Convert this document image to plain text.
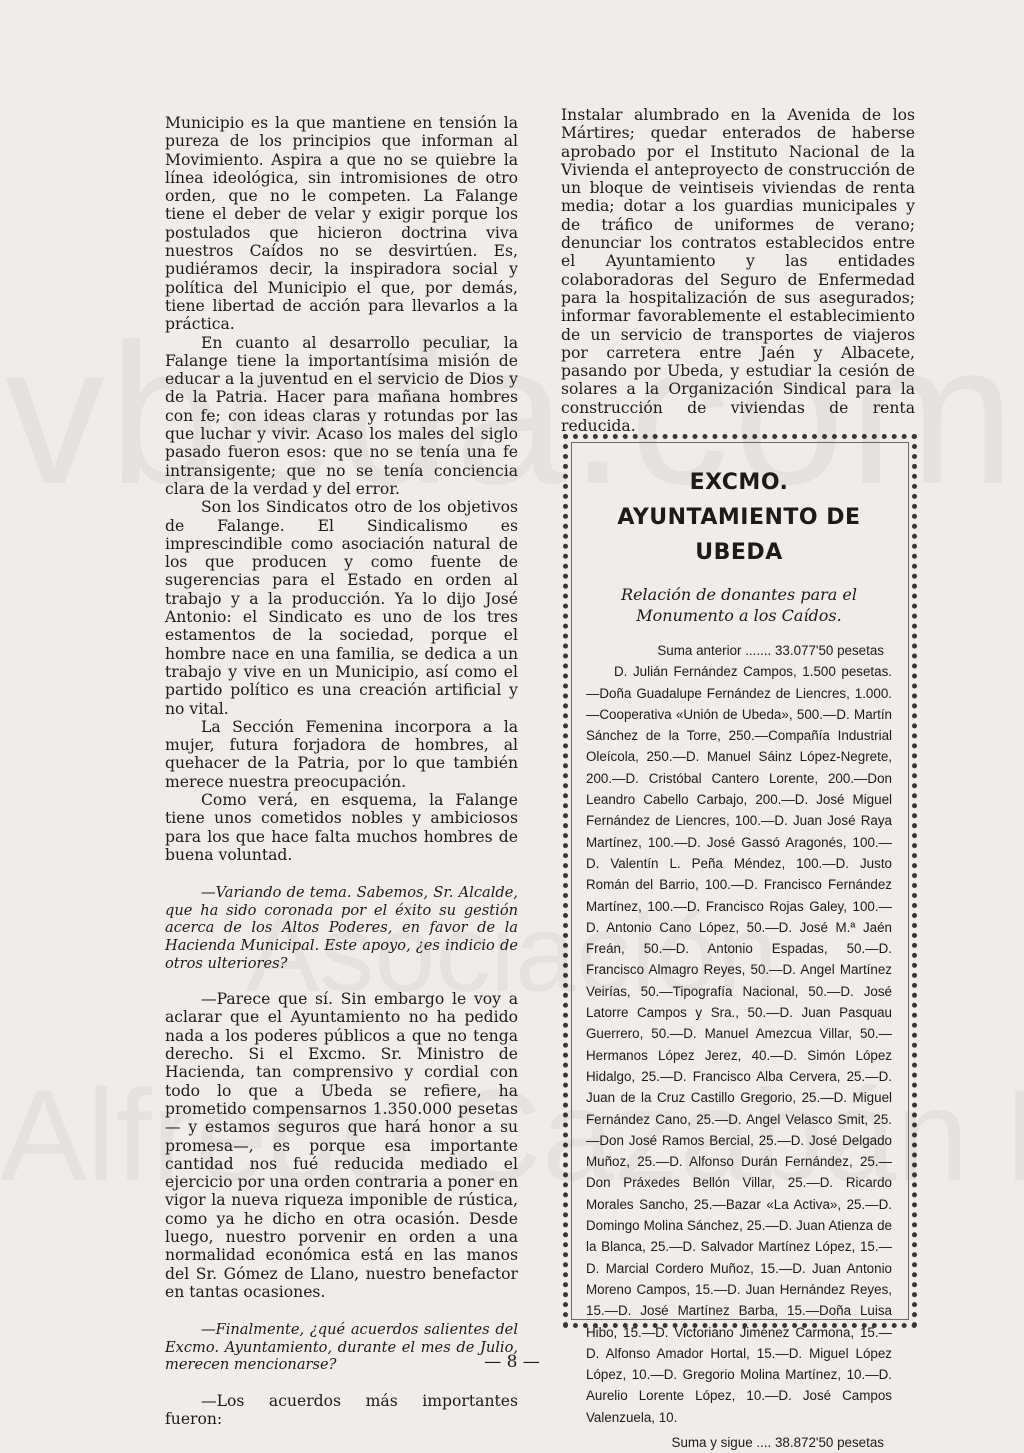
Municipio es la que mantiene en tensión la pureza de los principios que informan al Movimiento. Aspira a que no se quiebre la línea ideológica, sin intromisiones de otro orden, que no le competen. La Falange tiene el deber de velar y exigir porque los postulados que hicieron doctrina viva nuestros Caídos no se desvirtúen. Es, pudiéramos decir, la inspiradora social y política del Municipio el que, por demás, tiene libertad de acción para llevarlos a la práctica.

En cuanto al desarrollo peculiar, la Falange tiene la importantísima misión de educar a la juventud en el servicio de Dios y de la Patria. Hacer para mañana hombres con fe; con ideas claras y rotundas por las que luchar y vivir. Acaso los males del siglo pasado fueron esos: que no se tenía una fe intransigente; que no se tenía conciencia clara de la verdad y del error.

Son los Sindicatos otro de los objetivos de Falange. El Sindicalismo es imprescindible como asociación natural de los que producen y como fuente de sugerencias para el Estado en orden al trabajo y a la producción. Ya lo dijo José Antonio: el Sindicato es uno de los tres estamentos de la sociedad, porque el hombre nace en una familia, se dedica a un trabajo y vive en un Municipio, así como el partido político es una creación artificial y no vital.

La Sección Femenina incorpora a la mujer, futura forjadora de hombres, al quehacer de la Patria, por lo que también merece nuestra preocupación.

Como verá, en esquema, la Falange tiene unos cometidos nobles y ambiciosos para los que hace falta muchos hombres de buena voluntad.

—Variando de tema. Sabemos, Sr. Alcalde, que ha sido coronada por el éxito su gestión acerca de los Altos Poderes, en favor de la Hacienda Municipal. Este apoyo, ¿es indicio de otros ulteriores?

—Parece que sí. Sin embargo le voy a aclarar que el Ayuntamiento no ha pedido nada a los poderes públicos a que no tenga derecho. Si el Excmo. Sr. Ministro de Hacienda, tan comprensivo y cordial con todo lo que a Ubeda se refiere, ha prometido compensarnos 1.350.000 pesetas — y estamos seguros que hará honor a su promesa—, es porque esa importante cantidad nos fué reducida mediado el ejercicio por una orden contraria a poner en vigor la nueva riqueza imponible de rústica, como ya he dicho en otra ocasión. Desde luego, nuestro porvenir en orden a una normalidad económica está en las manos del Sr. Gómez de Llano, nuestro benefactor en tantas ocasiones.

—Finalmente, ¿qué acuerdos salientes del Excmo. Ayuntamiento, durante el mes de Julio, merecen mencionarse?

—Los acuerdos más importantes fueron:

Instalar alumbrado en la Avenida de los Mártires; quedar enterados de haberse aprobado por el Instituto Nacional de la Vivienda el anteproyecto de construcción de un bloque de veintiseis viviendas de renta media; dotar a los guardias municipales y de tráfico de uniformes de verano; denunciar los contratos establecidos entre el Ayuntamiento y las entidades colaboradoras del Seguro de Enfermedad para la hospitalización de sus asegurados; informar favorablemente el establecimiento de un servicio de transportes de viajeros por carretera entre Jaén y Albacete, pasando por Ubeda, y estudiar la cesión de solares a la Organización Sindical para la construcción de viviendas de renta reducida.

EXCMO. AYUNTAMIENTO DE UBEDA
Relación de donantes para el Monumento a los Caídos.
Suma anterior ....... 33.077'50 pesetas

D. Julián Fernández Campos, 1.500 pesetas.—Doña Guadalupe Fernández de Liencres, 1.000.—Cooperativa «Unión de Ubeda», 500.—D. Martín Sánchez de la Torre, 250.—Compañía Industrial Oleícola, 250.—D. Manuel Sáinz López-Negrete, 200.—D. Cristóbal Cantero Lorente, 200.—Don Leandro Cabello Carbajo, 200.—D. José Miguel Fernández de Liencres, 100.—D. Juan José Raya Martínez, 100.—D. José Gassó Aragonés, 100.—D. Valentín L. Peña Méndez, 100.—D. Justo Román del Barrio, 100.—D. Francisco Fernández Martínez, 100.—D. Francisco Rojas Galey, 100.—D. Antonio Cano López, 50.—D. José M.ª Jaén Freán, 50.—D. Antonio Espadas, 50.—D. Francisco Almagro Reyes, 50.—D. Angel Martínez Veirías, 50.—Tipografía Nacional, 50.—D. José Latorre Campos y Sra., 50.—D. Juan Pasquau Guerrero, 50.—D. Manuel Amezcua Villar, 50.—Hermanos López Jerez, 40.—D. Simón López Hidalgo, 25.—D. Francisco Alba Cervera, 25.—D. Juan de la Cruz Castillo Gregorio, 25.—D. Miguel Fernández Cano, 25.—D. Angel Velasco Smit, 25.—Don José Ramos Bercial, 25.—D. José Delgado Muñoz, 25.—D. Alfonso Durán Fernández, 25.—Don Práxedes Bellón Villar, 25.—D. Ricardo Morales Sancho, 25.—Bazar «La Activa», 25.—D. Domingo Molina Sánchez, 25.—D. Juan Atienza de la Blanca, 25.—D. Salvador Martínez López, 15.—D. Marcial Cordero Muñoz, 15.—D. Juan Antonio Moreno Campos, 15.—D. Juan Hernández Reyes, 15.—D. José Martínez Barba, 15.—Doña Luisa Hibo, 15.—D. Victoriano Jiménez Carmona, 15.—D. Alfonso Amador Hortal, 15.—D. Miguel López López, 10.—D. Gregorio Molina Martínez, 10.—D. Aurelio Lorente López, 10.—D. José Campos Valenzuela, 10.

Suma y sigue .... 38.872'50 pesetas
— 8 —
